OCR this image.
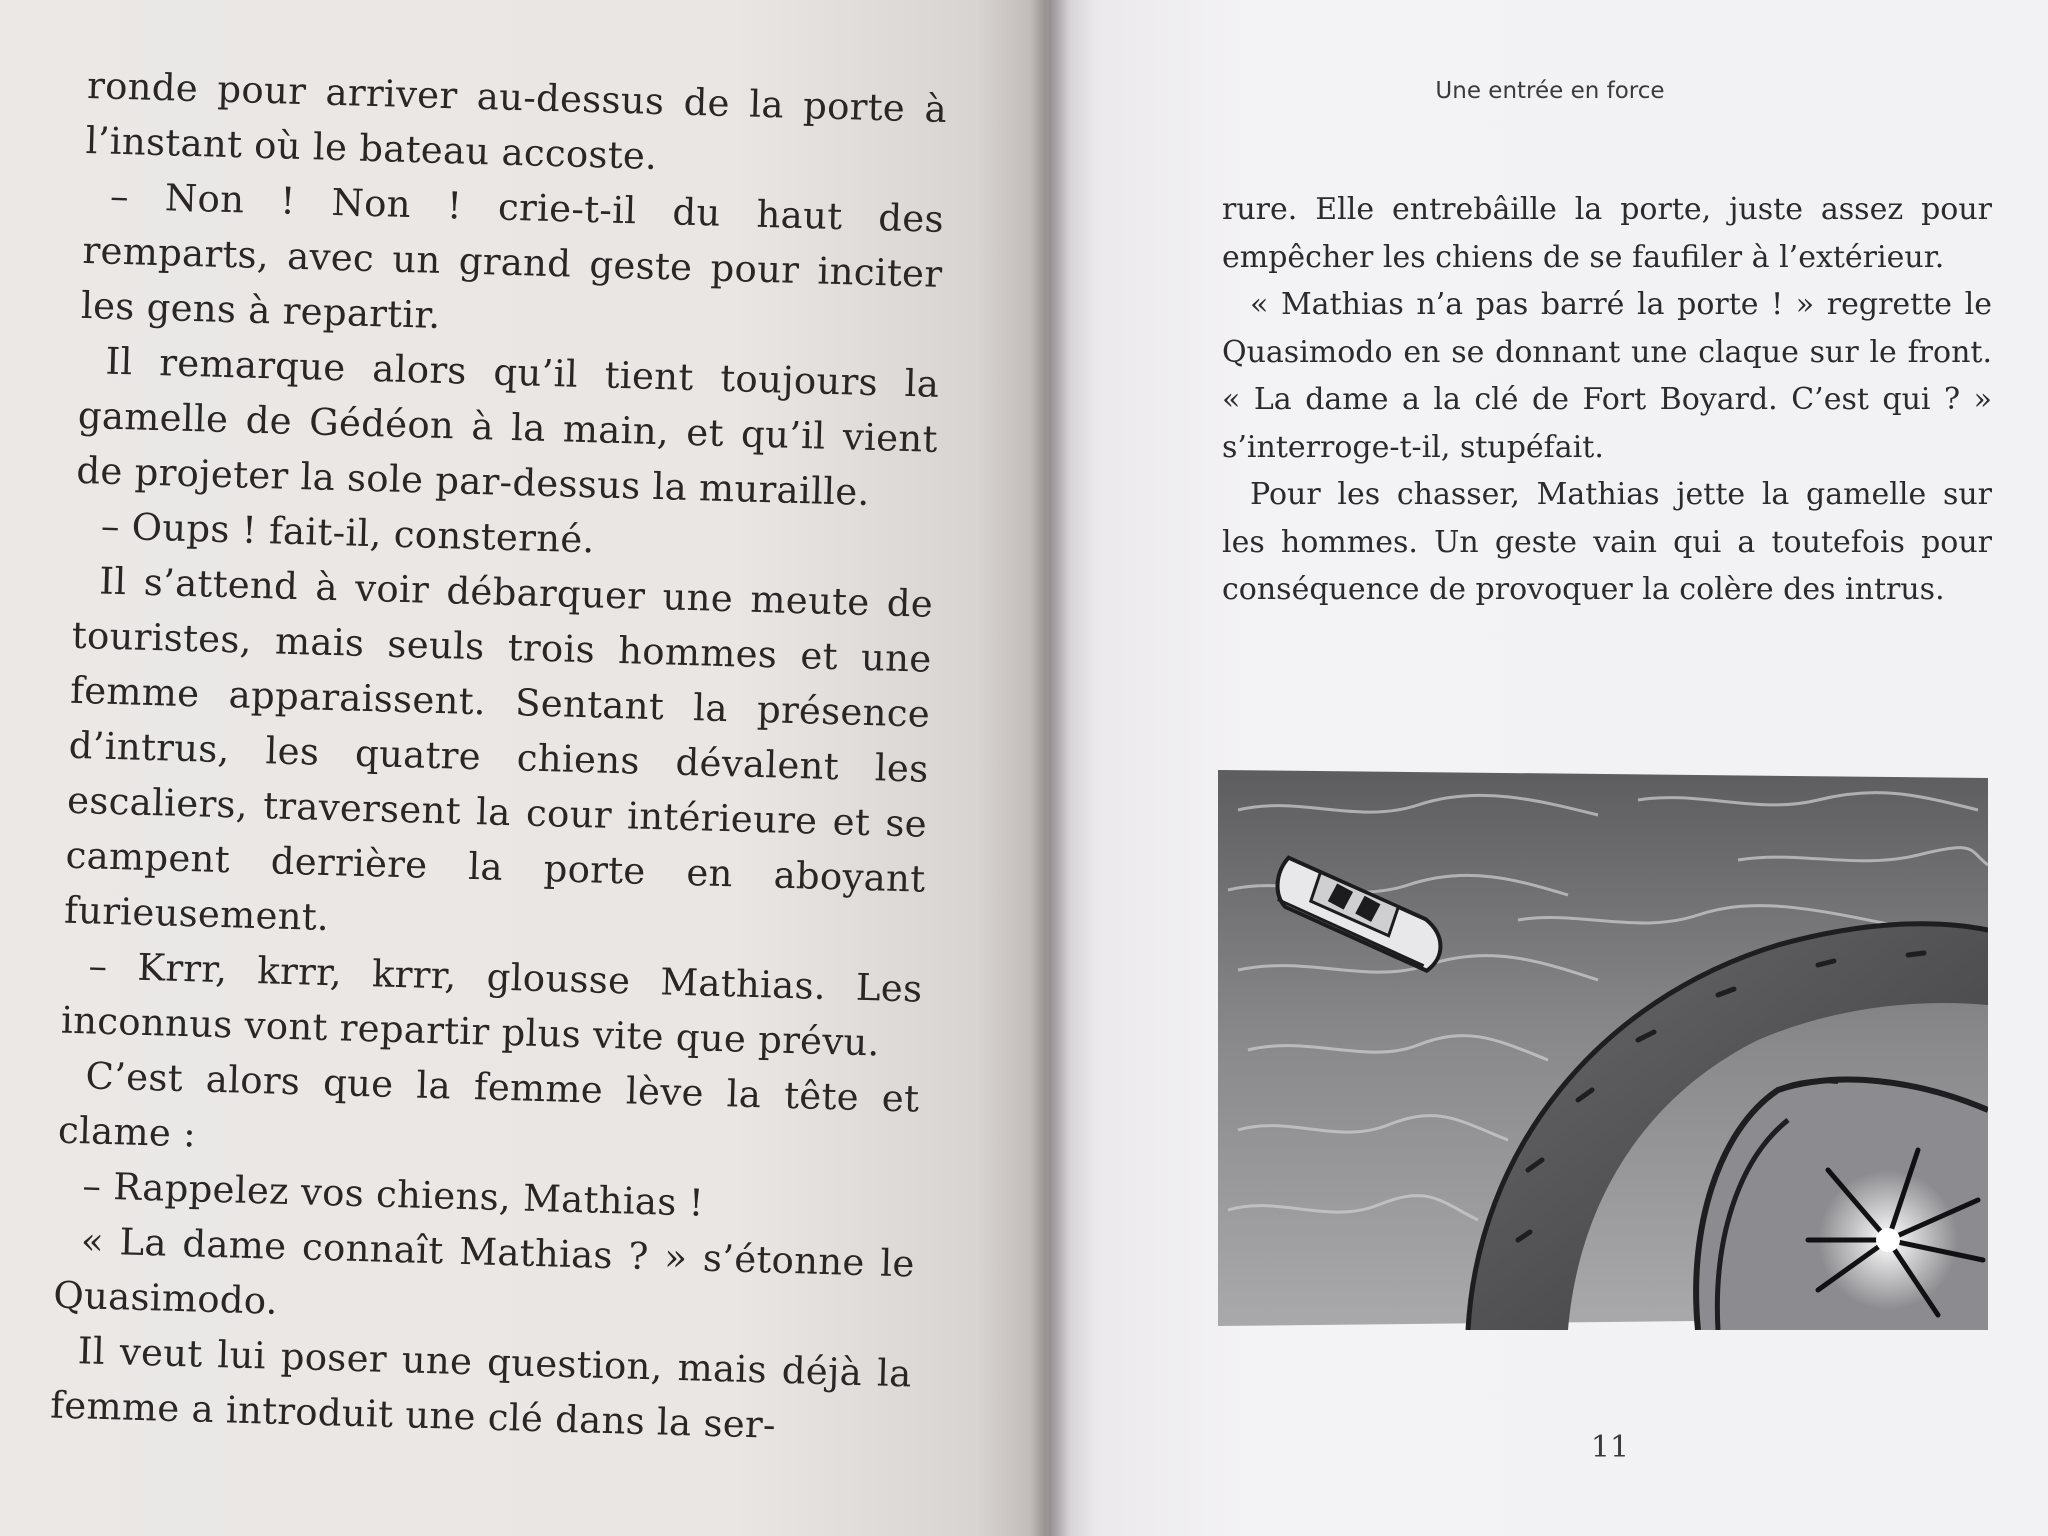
ronde pour arriver au-dessus de la porte à l’instant où le bateau accoste.

– Non ! Non ! crie-t-il du haut des remparts, avec un grand geste pour inciter les gens à repartir.

Il remarque alors qu’il tient toujours la gamelle de Gédéon à la main, et qu’il vient de projeter la sole par-dessus la muraille.

– Oups ! fait-il, consterné.

Il s’attend à voir débarquer une meute de touristes, mais seuls trois hommes et une femme apparaissent. Sentant la présence d’intrus, les quatre chiens dévalent les escaliers, traversent la cour intérieure et se campent derrière la porte en aboyant furieusement.

– Krrr, krrr, krrr, glousse Mathias. Les inconnus vont repartir plus vite que prévu.

C’est alors que la femme lève la tête et clame :

– Rappelez vos chiens, Mathias !

« La dame connaît Mathias ? » s’étonne le Quasimodo.

Il veut lui poser une question, mais déjà la femme a introduit une clé dans la ser-

Une entrée en force

rure. Elle entrebâille la porte, juste assez pour empêcher les chiens de se faufiler à l’extérieur.

« Mathias n’a pas barré la porte ! » regrette le Quasimodo en se donnant une claque sur le front. « La dame a la clé de Fort Boyard. C’est qui ? » s’interroge-t-il, stupéfait.

Pour les chasser, Mathias jette la gamelle sur les hommes. Un geste vain qui a toutefois pour conséquence de provoquer la colère des intrus.

11
